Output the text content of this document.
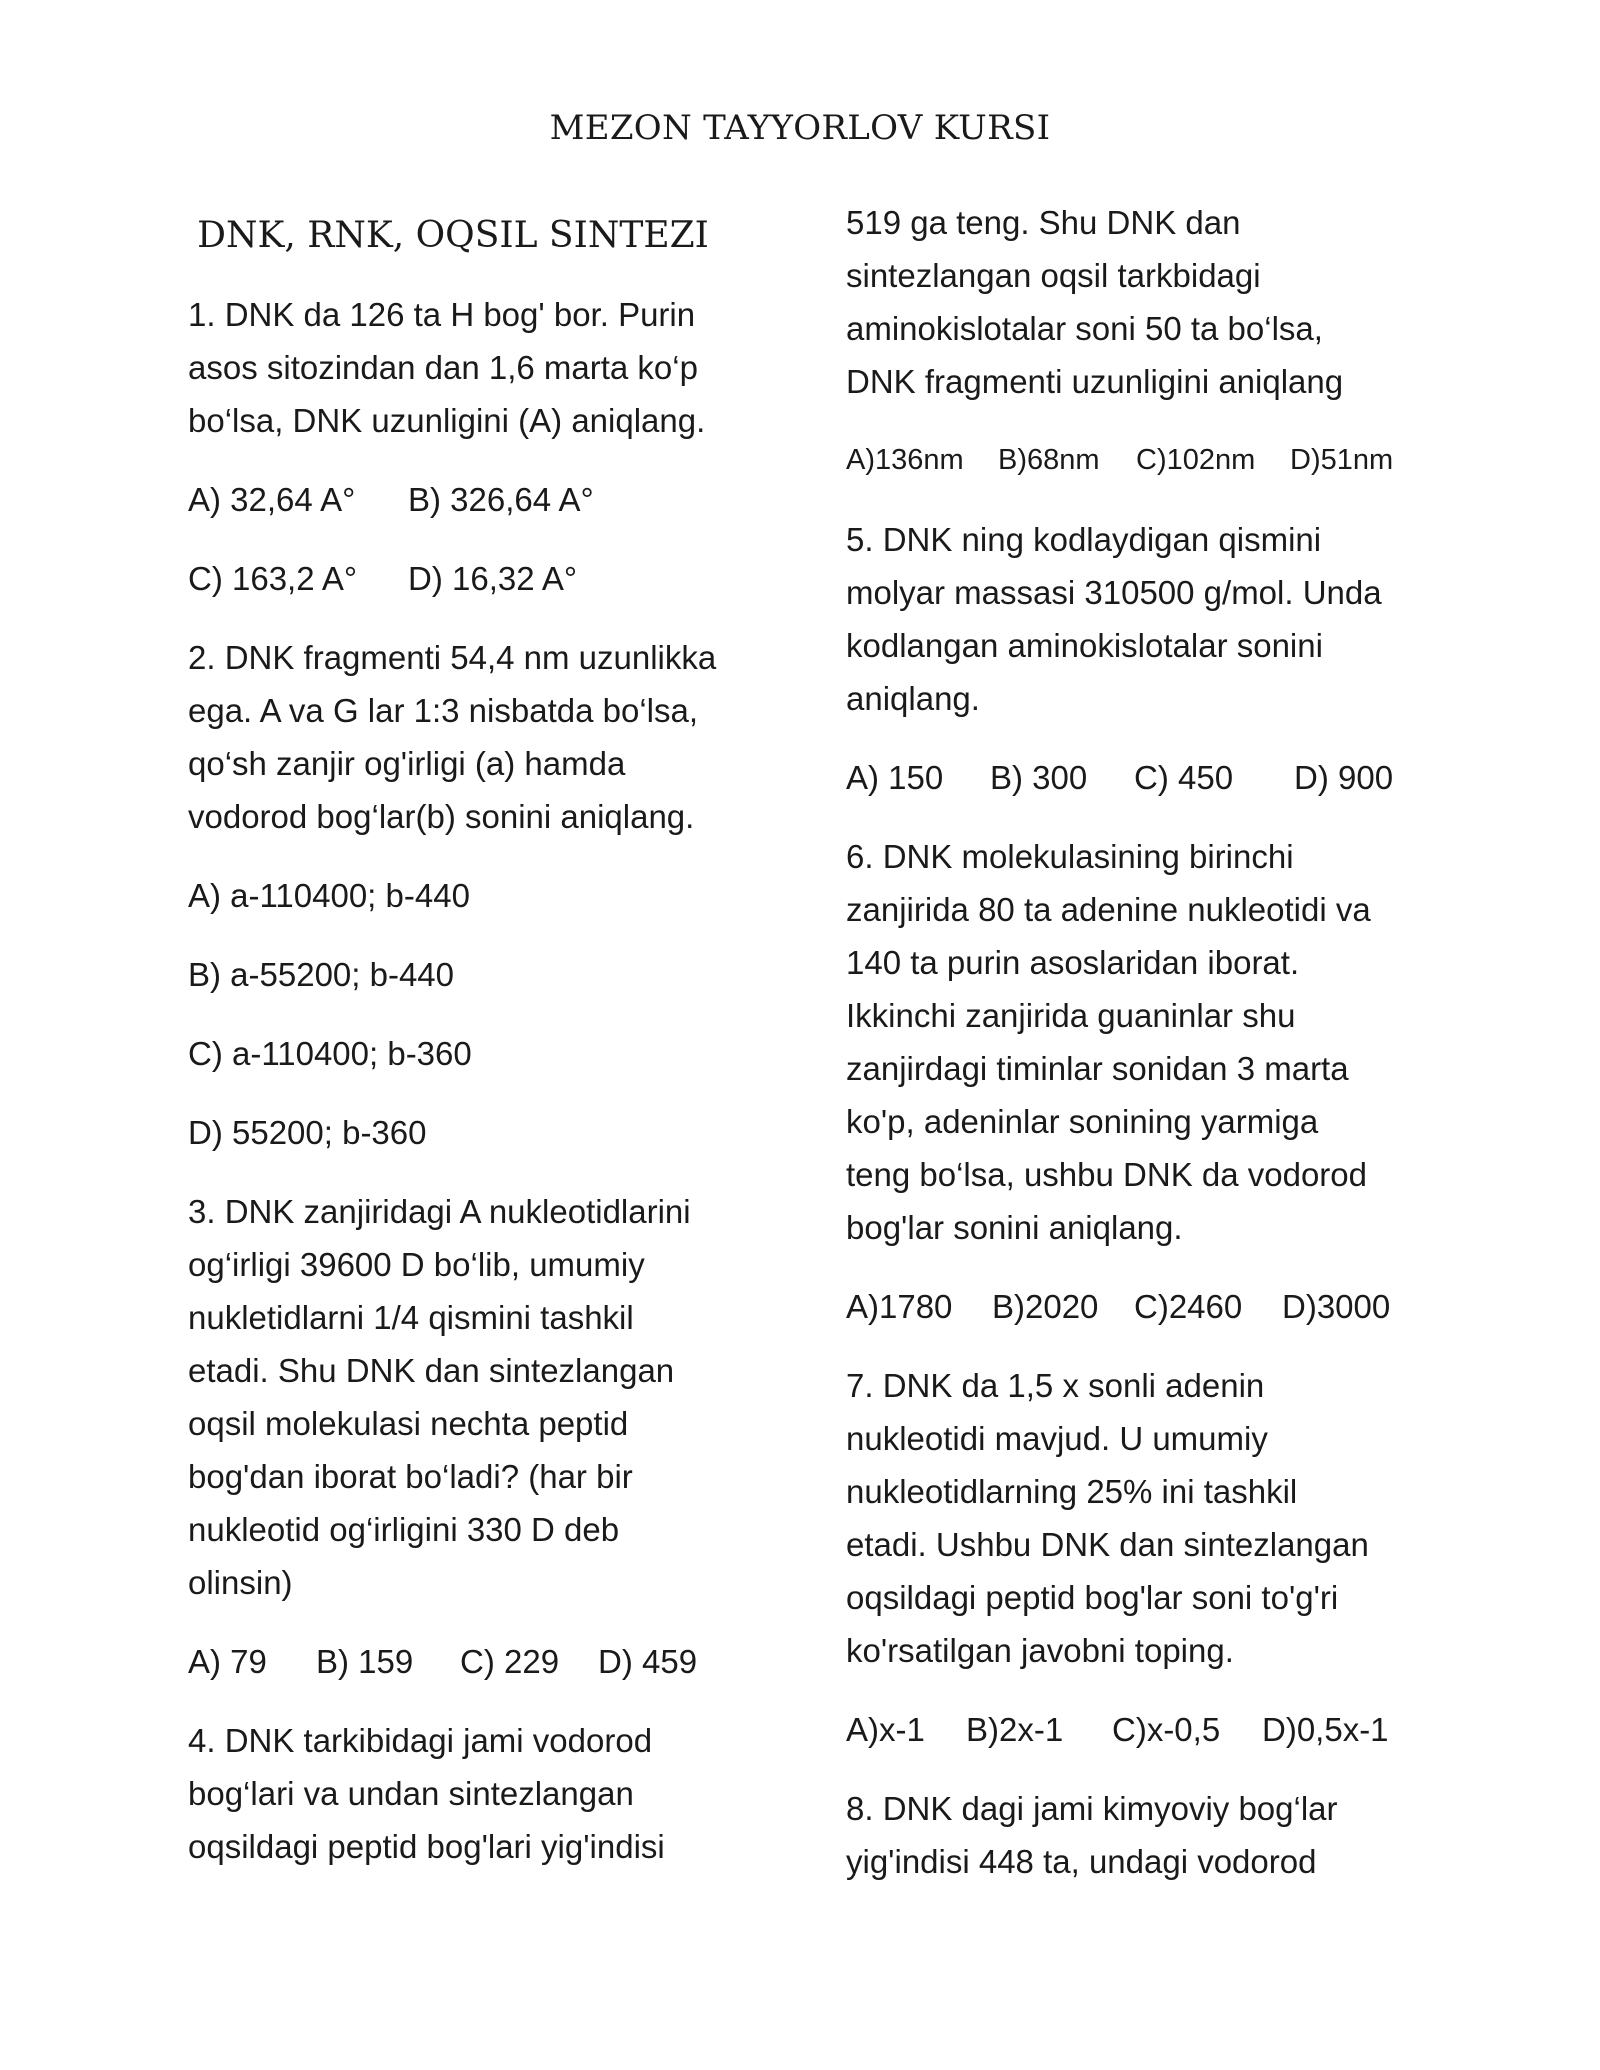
MEZON TAYYORLOV KURSI
DNK, RNK, OQSIL SINTEZI
1. DNK da 126 ta H bog' bor. Purin
asos sitozindan dan 1,6 marta ko‘p
bo‘lsa, DNK uzunligini (A) aniqlang.
A) 32,64 A°	B) 326,64 A°
C) 163,2 A°	D) 16,32 A°
2. DNK fragmenti 54,4 nm uzunlikka
ega. A va G lar 1:3 nisbatda bo‘lsa,
qo‘sh zanjir og'irligi (a) hamda
vodorod bog‘lar(b) sonini aniqlang.
A) a-110400; b-440
B) a-55200; b-440
C) a-110400; b-360
D) 55200; b-360
3. DNK zanjiridagi A nukleotidlarini
og‘irligi 39600 D bo‘lib, umumiy
nukletidlarni 1/4 qismini tashkil
etadi. Shu DNK dan sintezlangan
oqsil molekulasi nechta peptid
bog'dan iborat bo‘ladi? (har bir
nukleotid og‘irligini 330 D deb
olinsin)
A) 79	B) 159	C) 229	D) 459
4. DNK tarkibidagi jami vodorod
bog‘lari va undan sintezlangan
oqsildagi peptid bog'lari yig'indisi
519 ga teng. Shu DNK dan
sintezlangan oqsil tarkbidagi
aminokislotalar soni 50 ta bo‘lsa,
DNK fragmenti uzunligini aniqlang
A)136nm	B)68nm	C)102nm	D)51nm
5. DNK ning kodlaydigan qismini
molyar massasi 310500 g/mol. Unda
kodlangan aminokislotalar sonini
aniqlang.
A) 150	B) 300	C) 450	D) 900
6. DNK molekulasining birinchi
zanjirida 80 ta adenine nukleotidi va
140 ta purin asoslaridan iborat.
Ikkinchi zanjirida guaninlar shu
zanjirdagi timinlar sonidan 3 marta
ko'p, adeninlar sonining yarmiga
teng bo‘lsa, ushbu DNK da vodorod
bog'lar sonini aniqlang.
A)1780	B)2020	C)2460	D)3000
7. DNK da 1,5 x sonli adenin
nukleotidi mavjud. U umumiy
nukleotidlarning 25% ini tashkil
etadi. Ushbu DNK dan sintezlangan
oqsildagi peptid bog'lar soni to'g'ri
ko'rsatilgan javobni toping.
A)x-1	B)2x-1	C)x-0,5	D)0,5x-1
8. DNK dagi jami kimyoviy bog‘lar
yig'indisi 448 ta, undagi vodorod
